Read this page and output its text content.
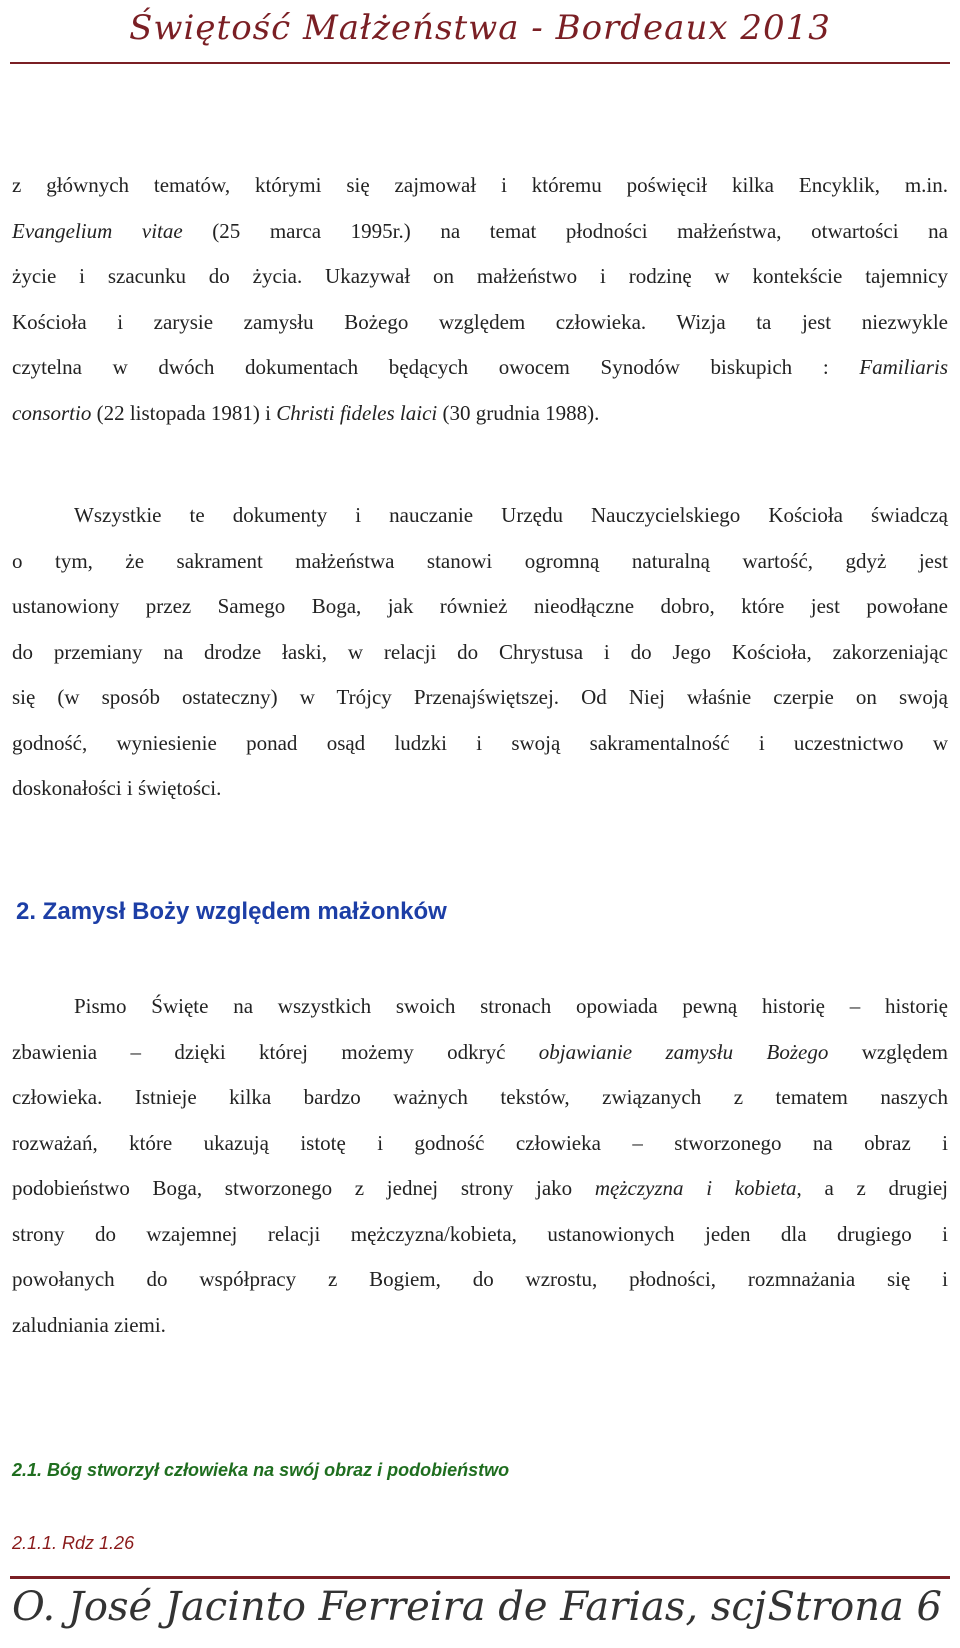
Świętość Małżeństwa - Bordeaux 2013
z głównych tematów, którymi się zajmował i któremu poświęcił kilka Encyklik, m.in.
Evangelium vitae (25 marca 1995r.) na temat płodności małżeństwa, otwartości na
życie i szacunku do życia. Ukazywał on małżeństwo i rodzinę w kontekście tajemnicy
Kościoła i zarysie zamysłu Bożego względem człowieka. Wizja ta jest niezwykle
czytelna w dwóch dokumentach będących owocem Synodów biskupich : Familiaris
consortio (22 listopada 1981) i Christi fideles laici (30 grudnia 1988).
Wszystkie te dokumenty i nauczanie Urzędu Nauczycielskiego Kościoła świadczą
o tym, że sakrament małżeństwa stanowi ogromną naturalną wartość, gdyż jest
ustanowiony przez Samego Boga, jak również nieodłączne dobro, które jest powołane
do przemiany na drodze łaski, w relacji do Chrystusa i do Jego Kościoła, zakorzeniając
się (w sposób ostateczny) w Trójcy Przenajświętszej. Od Niej właśnie czerpie on swoją
godność, wyniesienie ponad osąd ludzki i swoją sakramentalność i uczestnictwo w
doskonałości i świętości.
2. Zamysł Boży względem małżonków
Pismo Święte na wszystkich swoich stronach opowiada pewną historię – historię
zbawienia – dzięki której możemy odkryć objawianie zamysłu Bożego względem
człowieka. Istnieje kilka bardzo ważnych tekstów, związanych z tematem naszych
rozważań, które ukazują istotę i godność człowieka – stworzonego na obraz i
podobieństwo Boga, stworzonego z jednej strony jako mężczyzna i kobieta, a z drugiej
strony do wzajemnej relacji mężczyzna/kobieta, ustanowionych jeden dla drugiego i
powołanych do współpracy z Bogiem, do wzrostu, płodności, rozmnażania się i
zaludniania ziemi.
2.1. Bóg stworzył człowieka na swój obraz i podobieństwo
2.1.1. Rdz 1.26
O. José Jacinto Ferreira de Farias, scj Strona 6
